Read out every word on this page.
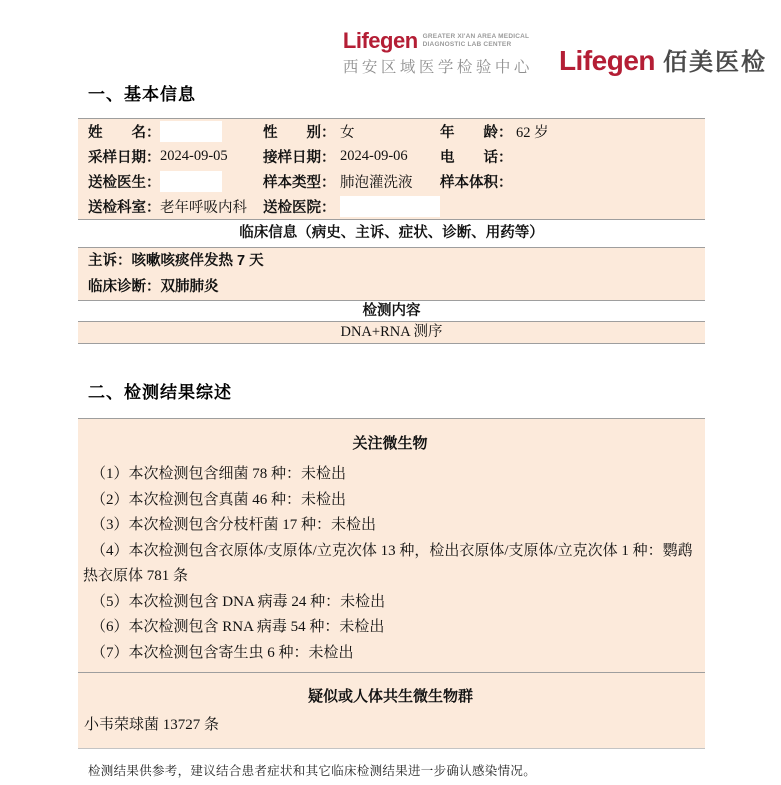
Lifegen GREATER XI'AN AREA MEDICAL
DIAGNOSTIC LAB CENTER
西安区域医学检验中心 Lifegen 佰美医检
一、基本信息
姓　　名：	性　　别： 女	年　　龄： 62 岁
采样日期： 2024-09-05	接样日期： 2024-09-06	电　　话：
送检医生：	样本类型： 肺泡灌洗液	样本体积：
送检科室： 老年呼吸内科	送检医院：
临床信息（病史、主诉、症状、诊断、用药等）
主诉：咳嗽咳痰伴发热 7 天
临床诊断：双肺肺炎
检测内容
DNA+RNA 测序
二、检测结果综述
关注微生物
（1）本次检测包含细菌 78 种：未检出
（2）本次检测包含真菌 46 种：未检出
（3）本次检测包含分枝杆菌 17 种：未检出
（4）本次检测包含衣原体/支原体/立克次体 13 种，检出衣原体/支原体/立克次体 1 种：鹦鹉热衣原体 781 条
（5）本次检测包含 DNA 病毒 24 种：未检出
（6）本次检测包含 RNA 病毒 54 种：未检出
（7）本次检测包含寄生虫 6 种：未检出
疑似或人体共生微生物群
小韦荣球菌 13727 条
检测结果供参考，建议结合患者症状和其它临床检测结果进一步确认感染情况。
